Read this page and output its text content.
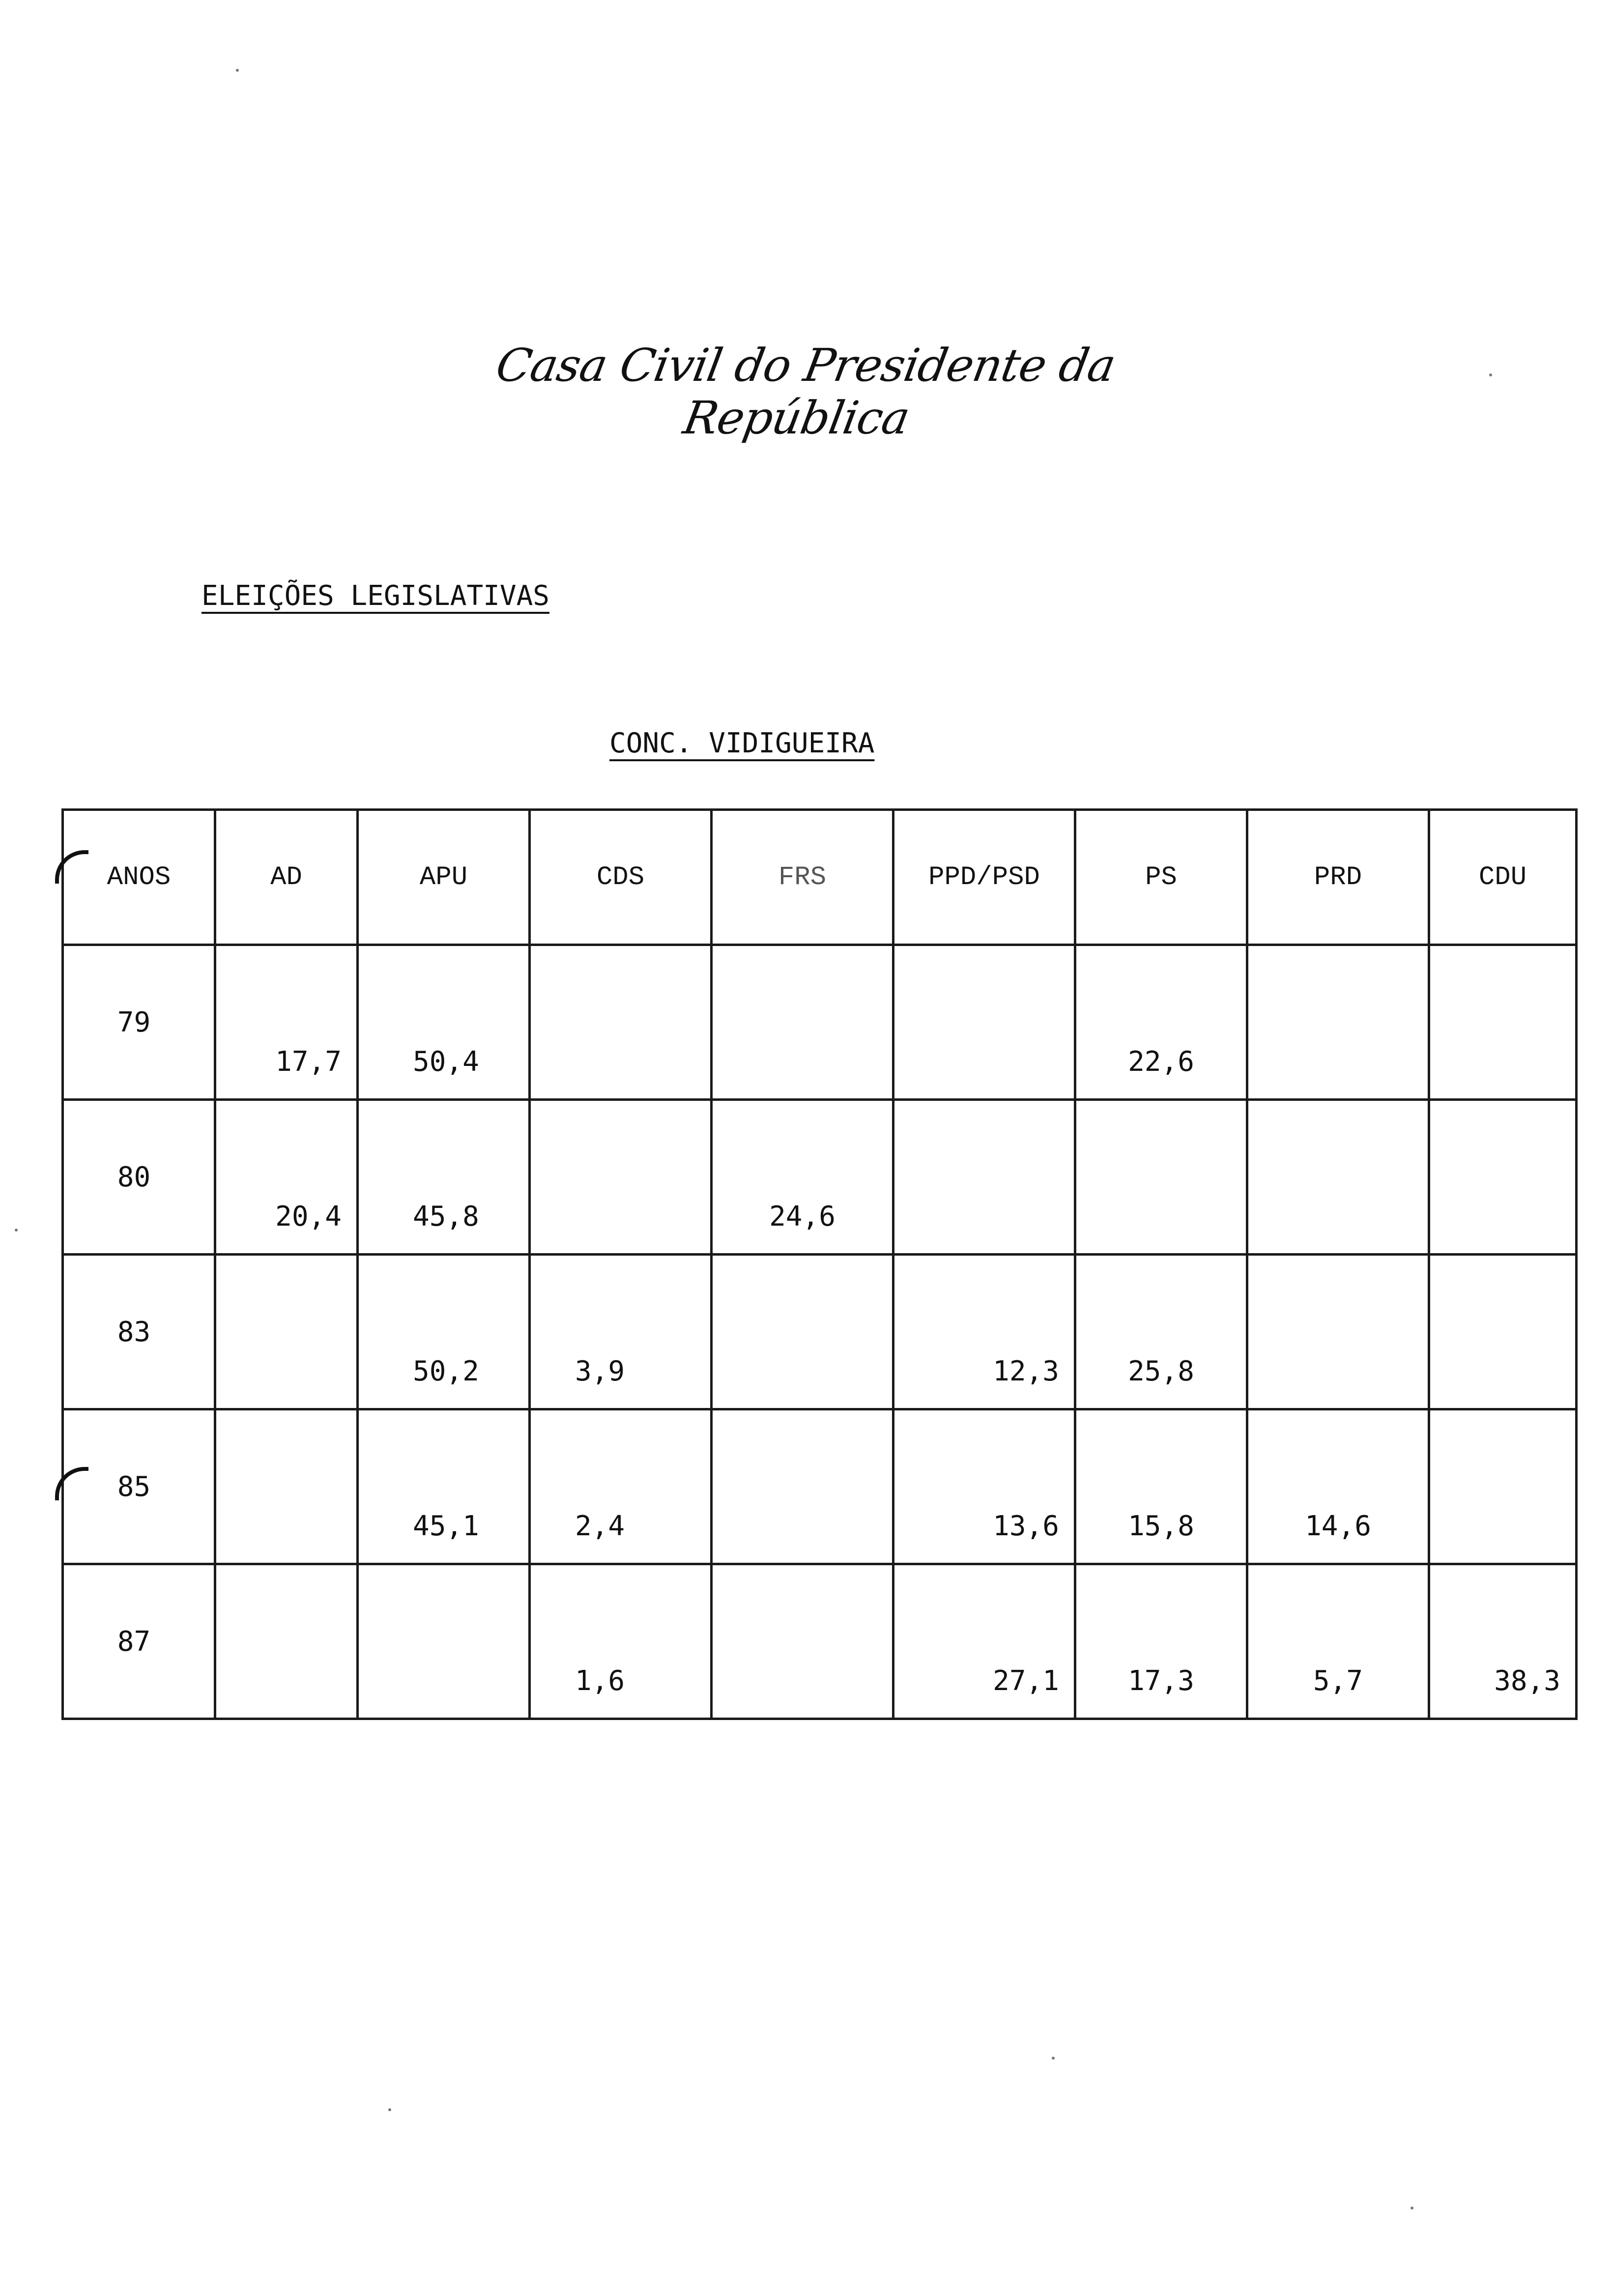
Casa Civil do Presidente da República
ELEIÇÕES LEGISLATIVAS
CONC. VIDIGUEIRA
ANOS	AD	APU	CDS	FRS	PPD/PSD	PS	PRD	CDU
79	17,7	50,4				22,6		
80	20,4	45,8		24,6				
83		50,2	3,9		12,3	25,8		
85		45,1	2,4		13,6	15,8	14,6	
87			1,6		27,1	17,3	5,7	38,3
